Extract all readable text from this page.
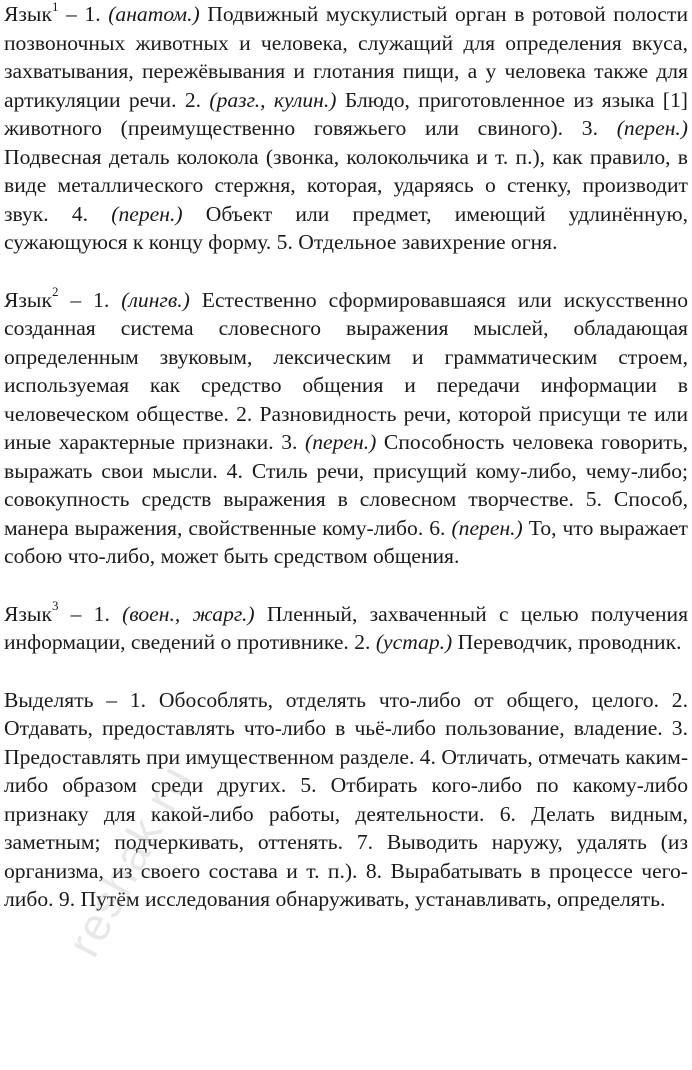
Язык$^1$ – 1. (анатом.) Подвижный мускулистый орган в ротовой полости позвоночных животных и человека, служащий для определения вкуса, захватывания, пережёвывания и глотания пищи, а у человека также для артикуляции речи. 2. (разг., кулин.) Блюдо, приготовленное из языка [1] животного (преимущественно говяжьего или свиного). 3. (перен.) Подвесная деталь колокола (звонка, колокольчика и т. п.), как правило, в виде металлического стержня, которая, ударяясь о стенку, производит звук. 4. (перен.) Объект или предмет, имеющий удлинённую, сужающуюся к концу форму. 5. Отдельное завихрение огня.

Язык$^2$ – 1. (лингв.) Естественно сформировавшаяся или искусственно созданная система словесного выражения мыслей, обладающая определенным звуковым, лексическим и грамматическим строем, используемая как средство общения и передачи информации в человеческом обществе. 2. Разновидность речи, которой присущи те или иные характерные признаки. 3. (перен.) Способность человека говорить, выражать свои мысли. 4. Стиль речи, присущий кому-либо, чему-либо; совокупность средств выражения в словесном творчестве. 5. Способ, манера выражения, свойственные кому-либо. 6. (перен.) То, что выражает собою что-либо, может быть средством общения.

Язык$^3$ – 1. (воен., жарг.) Пленный, захваченный с целью получения информации, сведений о противнике. 2. (устар.) Переводчик, проводник.

Выделять – 1. Обособлять, отделять что-либо от общего, целого. 2. Отдавать, предоставлять что-либо в чьё-либо пользование, владение. 3. Предоставлять при имущественном разделе. 4. Отличать, отмечать каким-либо образом среди других. 5. Отбирать кого-либо по какому-либо признаку для какой-либо работы, деятельности. 6. Делать видным, заметным; подчеркивать, оттенять. 7. Выводить наружу, удалять (из организма, из своего состава и т. п.). 8. Вырабатывать в процессе чего-либо. 9. Путём исследования обнаруживать, устанавливать, определять.

reshak.ru
